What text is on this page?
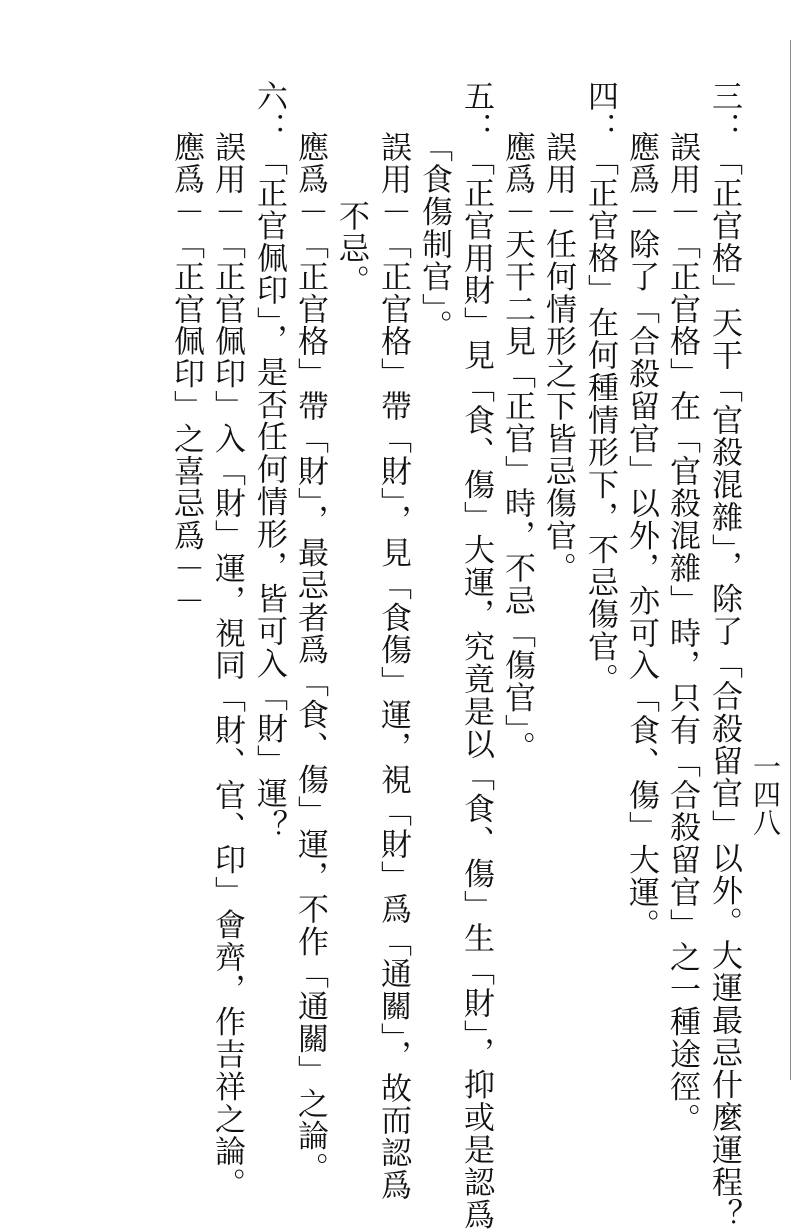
一四八
三：「正官格」天干「官殺混雜」，除了「合殺留官」以外。大運最忌什麼運程？
誤用－「正官格」在「官殺混雜」時，只有「合殺留官」之一種途徑。
應爲－除了「合殺留官」以外，亦可入「食、傷」大運。
四：「正官格」在何種情形下，不忌傷官。
誤用－任何情形之下皆忌傷官。
應爲－天干二見「正官」時，不忌「傷官」。
五：「正官用財」見「食、傷」大運，究竟是以「食、傷」生「財」，抑或是認爲
「食傷制官」。
誤用－「正官格」帶「財」，見「食傷」運，視「財」爲「通關」，故而認爲
不忌。
應爲－「正官格」帶「財」，最忌者爲「食、傷」運，不作「通關」之論。
六：「正官佩印」，是否任何情形，皆可入「財」運？
誤用－「正官佩印」入「財」運，視同「財、官、印」會齊，作吉祥之論。
應爲－「正官佩印」之喜忌爲－－
